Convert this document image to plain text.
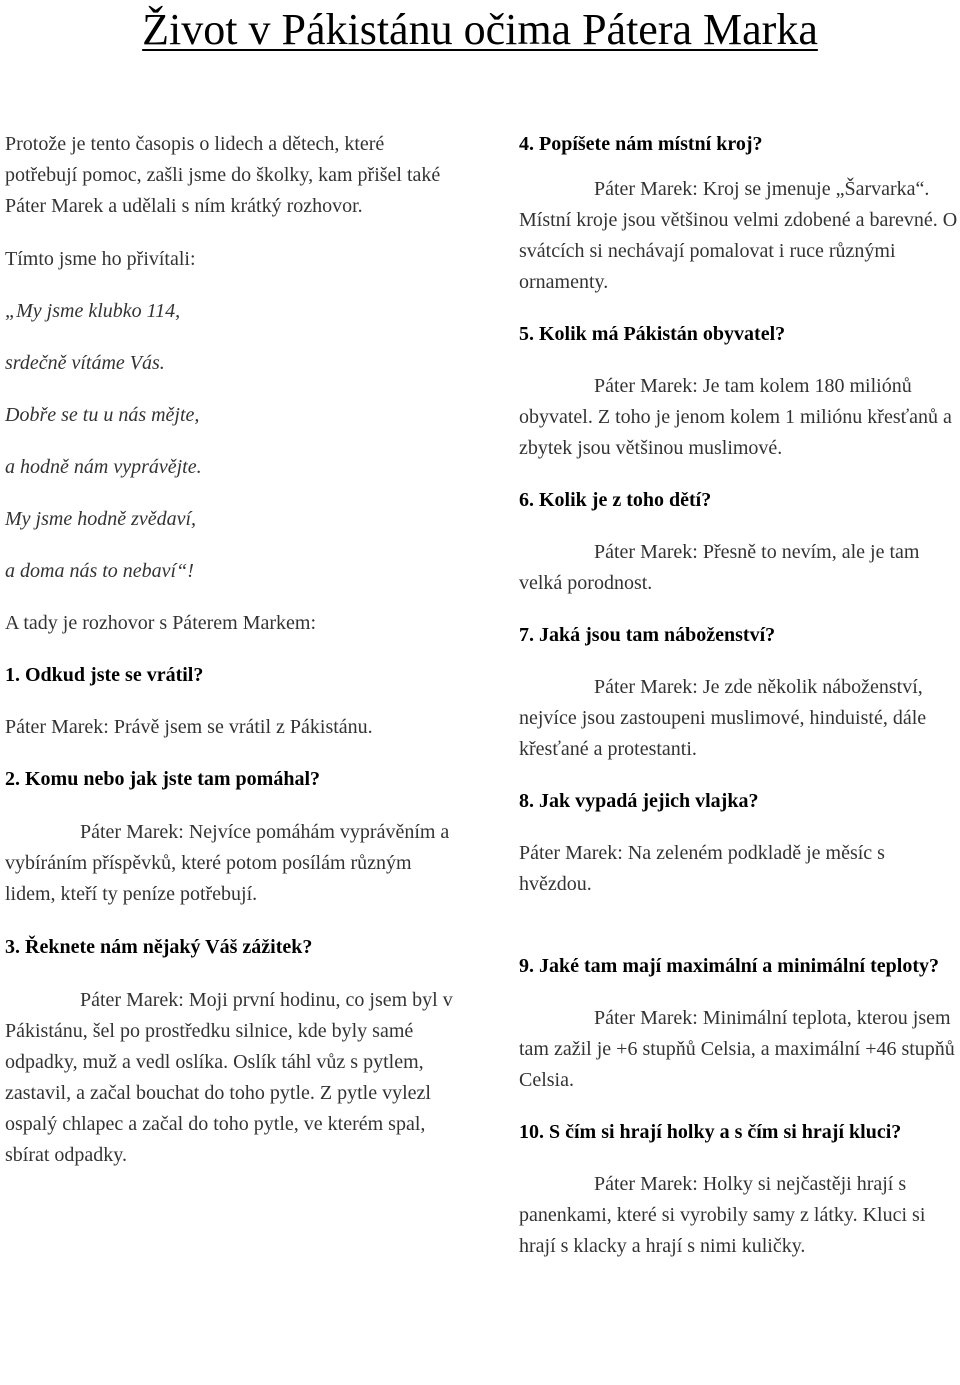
Život v Pákistánu očima Pátera Marka

Protože je tento časopis o lidech a dětech, které potřebují pomoc, zašli jsme do školky, kam přišel také Páter Marek a udělali s ním krátký rozhovor.

Tímto jsme ho přivítali:

„My jsme klubko 114,

srdečně vítáme Vás.

Dobře se tu u nás mějte,

a hodně nám vyprávějte.

My jsme hodně zvědaví,

a doma nás to nebaví“!

A tady je rozhovor s Páterem Markem:

1. Odkud jste se vrátil?

Páter Marek: Právě jsem se vrátil z Pákistánu.

2. Komu nebo jak jste tam pomáhal?

Páter Marek: Nejvíce pomáhám vyprávěním a vybíráním příspěvků, které potom posílám různým lidem, kteří ty peníze potřebují.

3. Řeknete nám nějaký Váš zážitek?

Páter Marek: Moji první hodinu, co jsem byl v Pákistánu, šel po prostředku silnice, kde byly samé odpadky, muž a vedl oslíka. Oslík táhl vůz s pytlem, zastavil, a začal bouchat do toho pytle. Z pytle vylezl ospalý chlapec a začal do toho pytle, ve kterém spal, sbírat odpadky.

4. Popíšete nám místní kroj?

Páter Marek: Kroj se jmenuje „Šarvarka“. Místní kroje jsou většinou velmi zdobené a barevné. O svátcích si nechávají pomalovat i ruce různými ornamenty.

5. Kolik má Pákistán obyvatel?

Páter Marek: Je tam kolem 180 miliónů obyvatel. Z toho je jenom kolem 1 miliónu křesťanů a zbytek jsou většinou muslimové.

6. Kolik je z toho dětí?

Páter Marek: Přesně to nevím, ale je tam velká porodnost.

7. Jaká jsou tam náboženství?

Páter Marek: Je zde několik náboženství, nejvíce jsou zastoupeni muslimové, hinduisté, dále křesťané a protestanti.

8. Jak vypadá jejich vlajka?

Páter Marek: Na zeleném podkladě je měsíc s hvězdou.

9. Jaké tam mají maximální a minimální teploty?

Páter Marek: Minimální teplota, kterou jsem tam zažil je +6 stupňů Celsia, a maximální +46 stupňů Celsia.

10. S čím si hrají holky a s čím si hrají kluci?

Páter Marek: Holky si nejčastěji hrají s panenkami, které si vyrobily samy z látky. Kluci si hrají s klacky a hrají s nimi kuličky.
